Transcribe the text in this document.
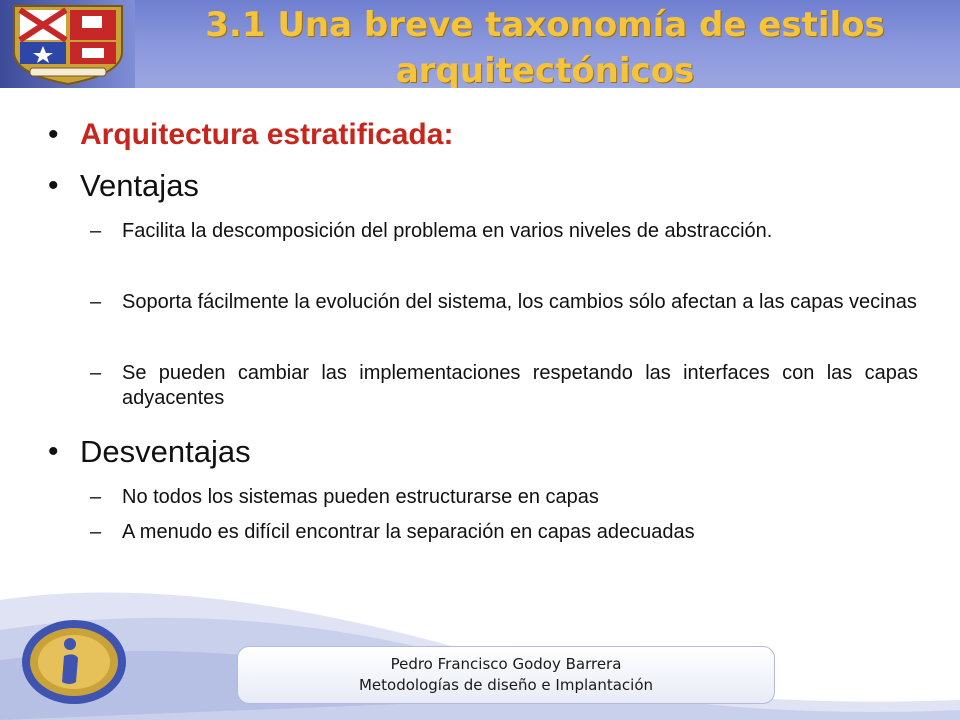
3.1 Una breve taxonomía de estilos arquitectónicos
• Arquitectura estratificada:
• Ventajas
– Facilita la descomposición del problema en varios niveles de abstracción.
– Soporta fácilmente la evolución del sistema, los cambios sólo afectan a las capas vecinas
– Se pueden cambiar las implementaciones respetando las interfaces con las capas adyacentes
• Desventajas
– No todos los sistemas pueden estructurarse en capas
– A menudo es difícil encontrar la separación en capas adecuadas
Pedro Francisco Godoy Barrera
Metodologías de diseño e Implantación
